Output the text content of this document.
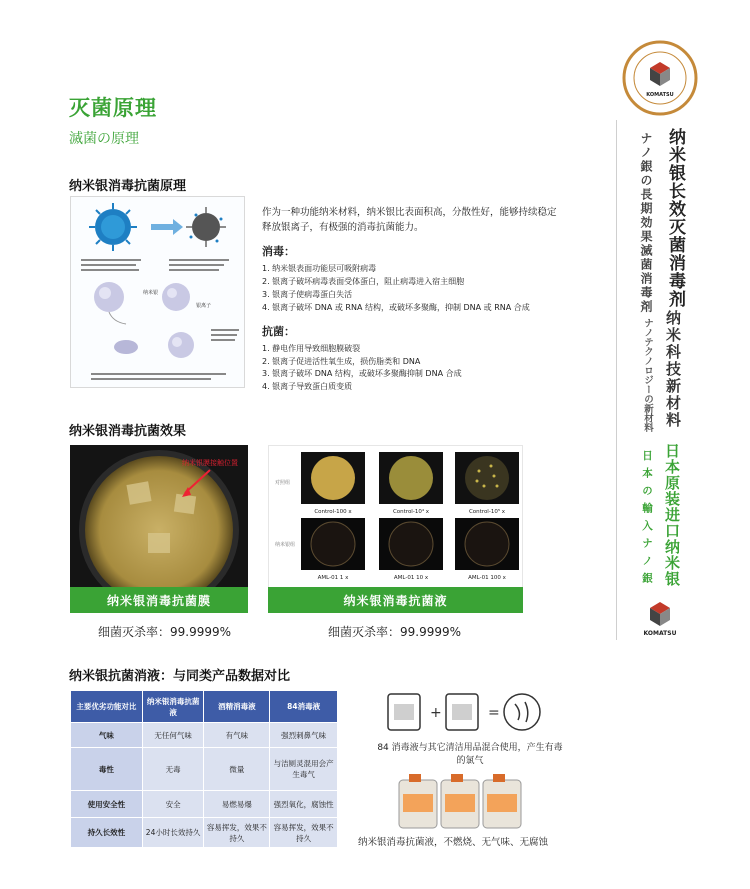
灭菌原理
滅菌の原理
纳米银消毒抗菌原理
纳米银
银离子

作为一种功能纳米材料，纳米银比表面积高，分散性好，能够持续稳定释放银离子，有极强的消毒抗菌能力。

消毒：
1. 纳米银表面功能层可吸附病毒
2. 银离子破坏病毒表面受体蛋白，阻止病毒进入宿主细胞
3. 银离子使病毒蛋白失活
4. 银离子破坏 DNA 或 RNA 结构，或破坏多聚酶，抑制 DNA 或 RNA 合成
抗菌：
1. 静电作用导致细胞膜破裂
2. 银离子促进活性氧生成，损伤脂类和 DNA
3. 银离子破坏 DNA 结构，或破坏多聚酶抑制 DNA 合成
4. 银离子导致蛋白质变质
纳米银消毒抗菌效果
纳米银膜接触位置
对照组
纳米银组
Control-100 x	Control-10⁴ x	Control-10⁵ x
AML-01 1 x	AML-01 10 x	AML-01 100 x
纳米银消毒抗菌膜	纳米银消毒抗菌液
细菌灭杀率：99.9999%	细菌灭杀率：99.9999%
纳米银抗菌消液：与同类产品数据对比
主要优劣功能对比	纳米银消毒抗菌液	酒精消毒液	84消毒液
气味	无任何气味	有气味	强烈刺鼻气味
毒性	无毒	微量	与洁厕灵混用会产生毒气
使用安全性	安全	易燃易爆	强烈氧化，腐蚀性
持久长效性	24小时长效持久	容易挥发，效果不持久	容易挥发，效果不持久
+	=
84 消毒液与其它清洁用品混合使用，产生有毒的氯气
纳米银消毒抗菌液，不燃烧、无气味、无腐蚀
KOMATSU
纳米银长效灭菌消毒剂
ナノ銀の長期効果滅菌消毒剤
纳米科技新材料
ナノテクノロジーの新材料
日本原装进口纳米银
日本の輸入ナノ銀
KOMATSU
